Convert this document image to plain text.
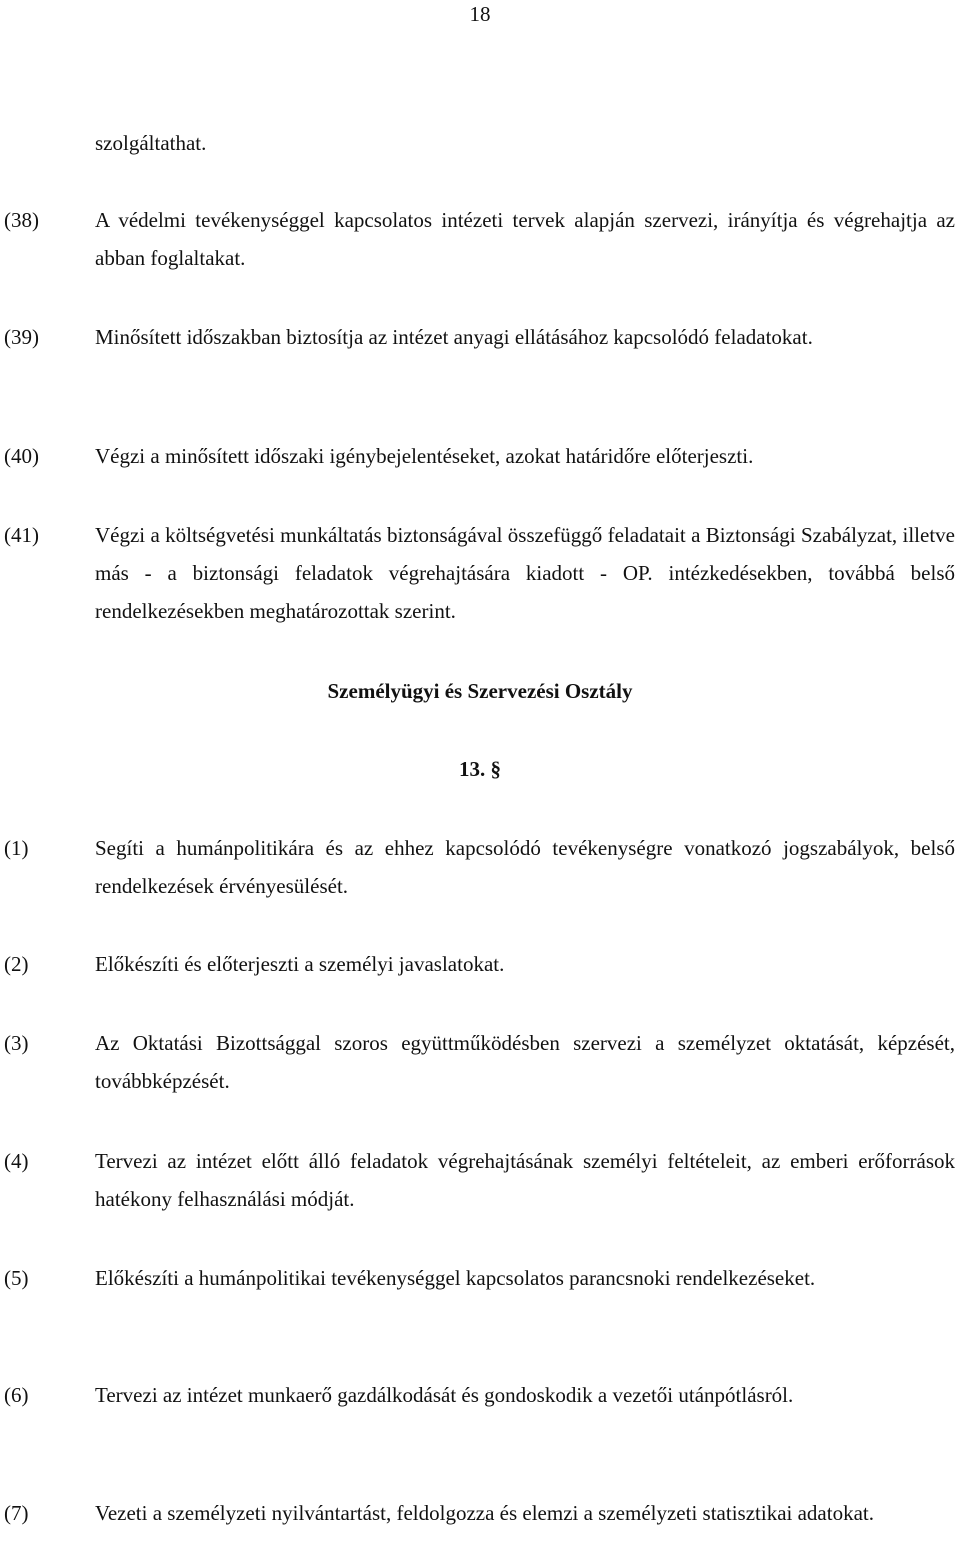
18
szolgáltathat.
(38)	A védelmi tevékenységgel kapcsolatos intézeti tervek alapján szervezi, irányítja és végrehajtja az abban foglaltakat.
(39)	Minősített időszakban biztosítja az intézet anyagi ellátásához kapcsolódó feladatokat.
(40)	Végzi a minősített időszaki igénybejelentéseket, azokat határidőre előterjeszti.
(41)	Végzi a költségvetési munkáltatás biztonságával összefüggő feladatait a Biztonsági Szabályzat, illetve más - a biztonsági feladatok végrehajtására kiadott - OP. intézkedésekben, továbbá belső rendelkezésekben meghatározottak szerint.
Személyügyi és Szervezési Osztály
13. §
(1)	Segíti a humánpolitikára és az ehhez kapcsolódó tevékenységre vonatkozó jogszabályok, belső rendelkezések érvényesülését.
(2)	Előkészíti és előterjeszti a személyi javaslatokat.
(3)	Az Oktatási Bizottsággal szoros együttműködésben szervezi a személyzet oktatását, képzését, továbbképzését.
(4)	Tervezi az intézet előtt álló feladatok végrehajtásának személyi feltételeit, az emberi erőforrások hatékony felhasználási módját.
(5)	Előkészíti a humánpolitikai tevékenységgel kapcsolatos parancsnoki rendelkezéseket.
(6)	Tervezi az intézet munkaerő gazdálkodását és gondoskodik a vezetői utánpótlásról.
(7)	Vezeti a személyzeti nyilvántartást, feldolgozza és elemzi a személyzeti statisztikai adatokat.
